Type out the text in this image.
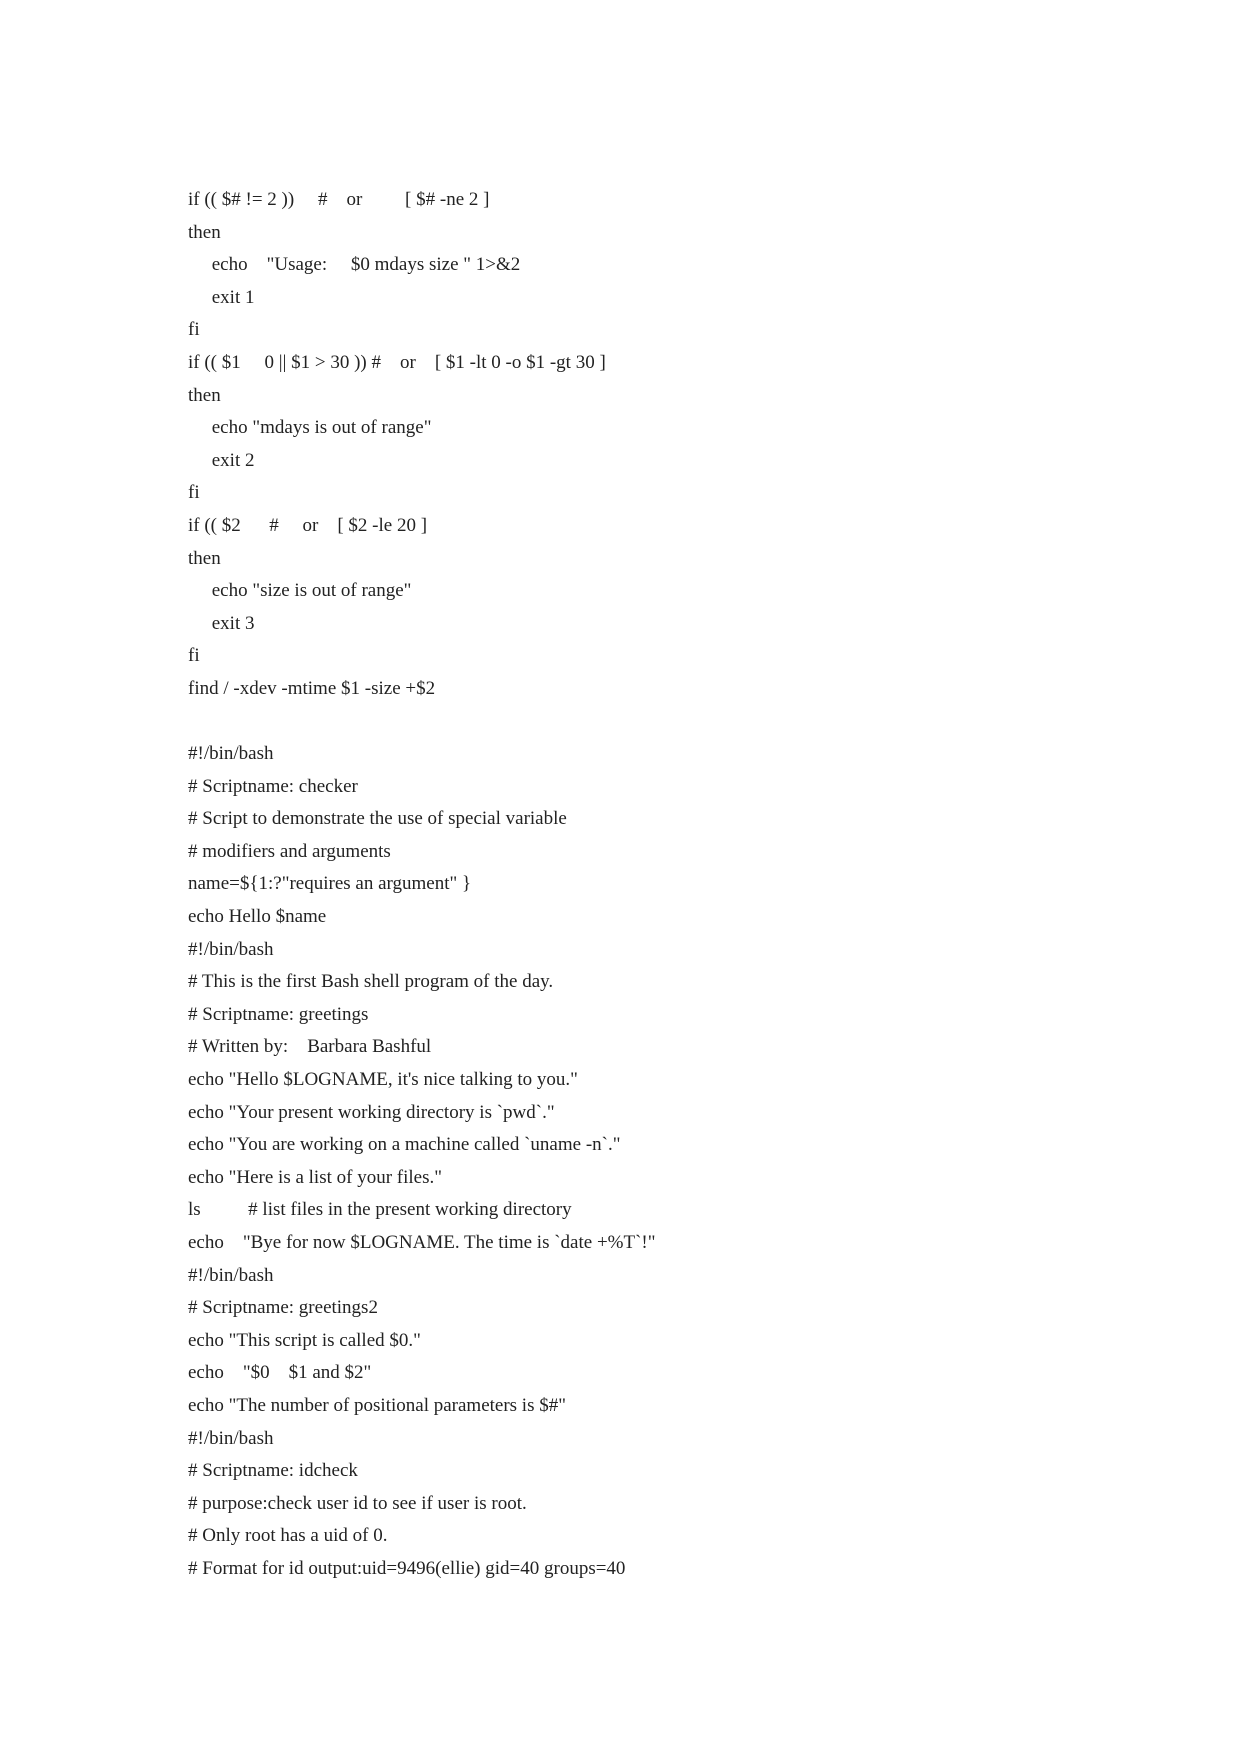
if (( $# != 2 ))     #    or         [ $# -ne 2 ]
then
echo    "Usage:     $0 mdays size " 1>&2
exit 1
fi
if (( $1     0 || $1 > 30 )) #    or    [ $1 -lt 0 -o $1 -gt 30 ]
then
echo "mdays is out of range"
exit 2
fi
if (( $2      #     or    [ $2 -le 20 ]
then
echo "size is out of range"
exit 3
fi
find / -xdev -mtime $1 -size +$2
#!/bin/bash
# Scriptname: checker
# Script to demonstrate the use of special variable
# modifiers and arguments
name=${1:?"requires an argument" }
echo Hello $name
#!/bin/bash
# This is the first Bash shell program of the day.
# Scriptname: greetings
# Written by:    Barbara Bashful
echo "Hello $LOGNAME, it's nice talking to you."
echo "Your present working directory is `pwd`."
echo "You are working on a machine called `uname -n`."
echo "Here is a list of your files."
ls          # list files in the present working directory
echo    "Bye for now $LOGNAME. The time is `date +%T`!"
#!/bin/bash
# Scriptname: greetings2
echo "This script is called $0."
echo    "$0    $1 and $2"
echo "The number of positional parameters is $#"
#!/bin/bash
# Scriptname: idcheck
# purpose:check user id to see if user is root.
# Only root has a uid of 0.
# Format for id output:uid=9496(ellie) gid=40 groups=40
